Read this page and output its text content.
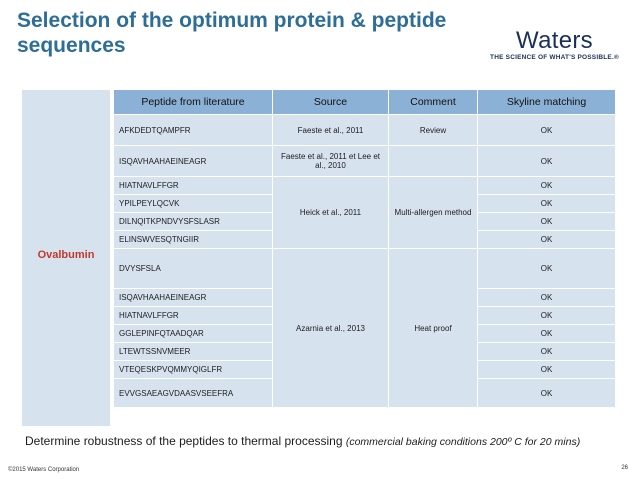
Selection of the optimum protein & peptide sequences	Waters
THE SCIENCE OF WHAT'S POSSIBLE.®
Ovalbumin
Peptide from literature	Source	Comment	Skyline matching
AFKDEDTQAMPFR	Faeste et al., 2011	Review	OK
ISQAVHAAHAEINEAGR	Faeste et al., 2011 et Lee et al., 2010		OK
HIATNAVLFFGR	Heick et al., 2011	Multi-allergen method	OK
YPILPEYLQCVK			OK
DILNQITKPNDVYSFSLASR			OK
ELINSWVESQTNGIIR			OK
DVYSFSLA	Azarnia et al., 2013	Heat proof	OK
ISQAVHAAHAEINEAGR			OK
HIATNAVLFFGR			OK
GGLEPINFQTAADQAR			OK
LTEWTSSNVMEER			OK
VTEQESKPVQMMYQIGLFR			OK
EVVGSAEAGVDAASVSEEFRA			OK
Determine robustness of the peptides to thermal processing (commercial baking conditions 200º C for 20 mins)
©2015 Waters Corporation	26
